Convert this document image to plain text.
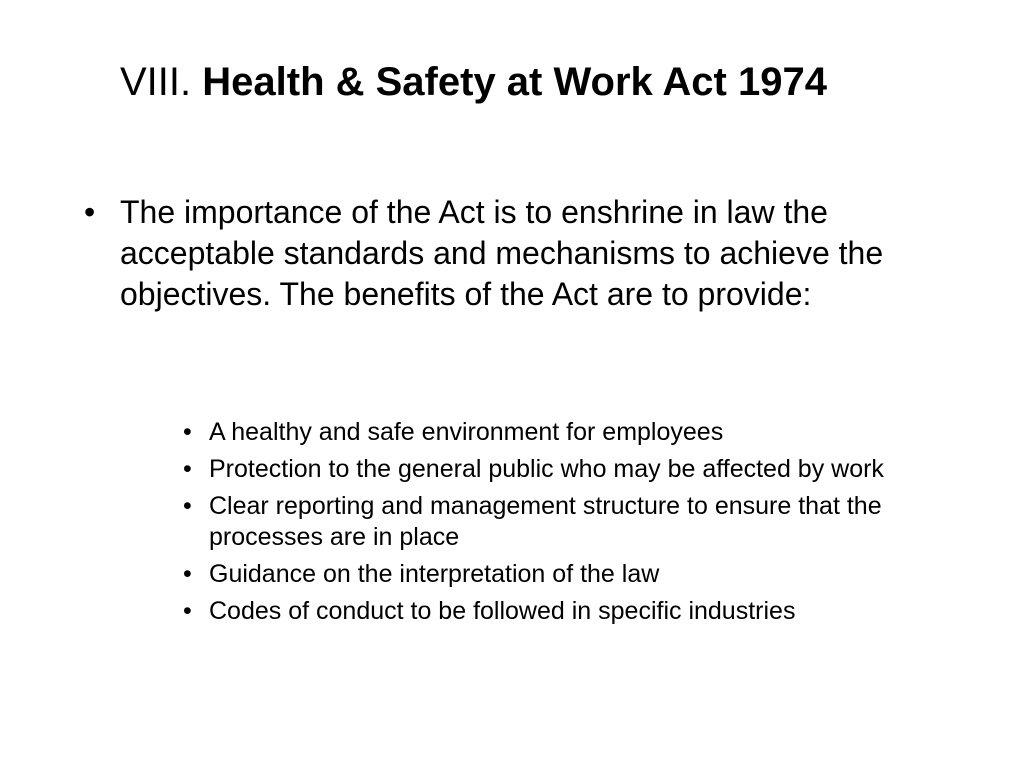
VIII. Health & Safety at Work Act 1974
• The importance of the Act is to enshrine in law the acceptable standards and mechanisms to achieve the objectives. The benefits of the Act are to provide:
• A healthy and safe environment for employees
• Protection to the general public who may be affected by work
• Clear reporting and management structure to ensure that the processes are in place
• Guidance on the interpretation of the law
• Codes of conduct to be followed in specific industries
